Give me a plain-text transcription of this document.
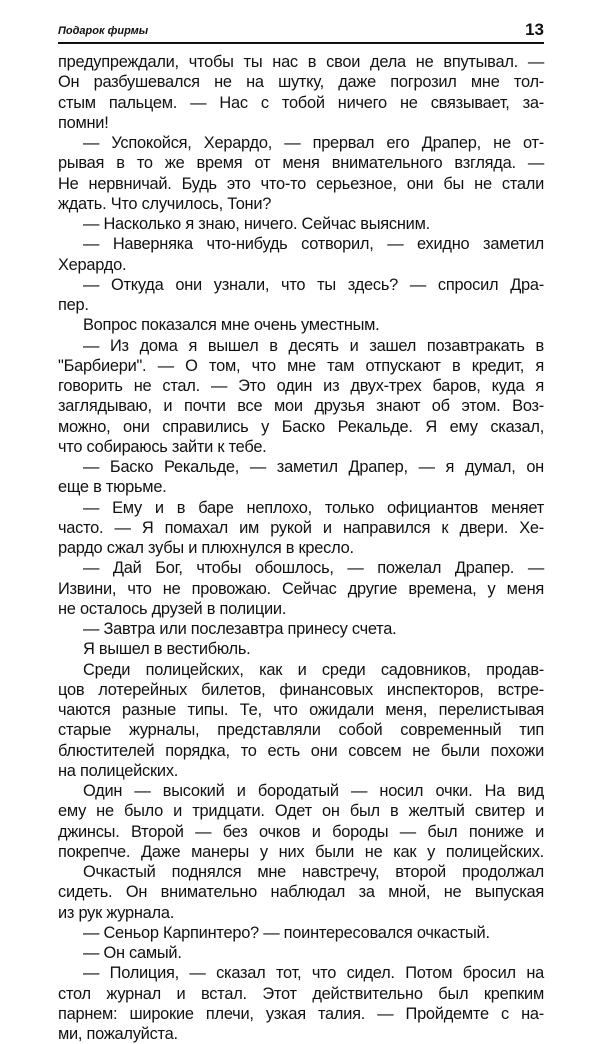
Подарок фирмы	13
предупреждали, чтобы ты нас в свои дела не впутывал. —
Он разбушевался не на шутку, даже погрозил мне тол-
стым пальцем. — Нас с тобой ничего не связывает, за-
помни!
— Успокойся, Херардо, — прервал его Драпер, не от-
рывая в то же время от меня внимательного взгляда. —
Не нервничай. Будь это что-то серьезное, они бы не стали
ждать. Что случилось, Тони?
— Насколько я знаю, ничего. Сейчас выясним.
— Наверняка что-нибудь сотворил, — ехидно заметил
Херардо.
— Откуда они узнали, что ты здесь? — спросил Дра-
пер.
Вопрос показался мне очень уместным.
— Из дома я вышел в десять и зашел позавтракать в
"Барбиери". — О том, что мне там отпускают в кредит, я
говорить не стал. — Это один из двух-трех баров, куда я
заглядываю, и почти все мои друзья знают об этом. Воз-
можно, они справились у Баско Рекальде. Я ему сказал,
что собираюсь зайти к тебе.
— Баско Рекальде, — заметил Драпер, — я думал, он
еще в тюрьме.
— Ему и в баре неплохо, только официантов меняет
часто. — Я помахал им рукой и направился к двери. Хе-
рардо сжал зубы и плюхнулся в кресло.
— Дай Бог, чтобы обошлось, — пожелал Драпер. —
Извини, что не провожаю. Сейчас другие времена, у меня
не осталось друзей в полиции.
— Завтра или послезавтра принесу счета.
Я вышел в вестибюль.
Среди полицейских, как и среди садовников, продав-
цов лотерейных билетов, финансовых инспекторов, встре-
чаются разные типы. Те, что ожидали меня, перелистывая
старые журналы, представляли собой современный тип
блюстителей порядка, то есть они совсем не были похожи
на полицейских.
Один — высокий и бородатый — носил очки. На вид
ему не было и тридцати. Одет он был в желтый свитер и
джинсы. Второй — без очков и бороды — был пониже и
покрепче. Даже манеры у них были не как у полицейских.
Очкастый поднялся мне навстречу, второй продолжал
сидеть. Он внимательно наблюдал за мной, не выпуская
из рук журнала.
— Сеньор Карпинтеро? — поинтересовался очкастый.
— Он самый.
— Полиция, — сказал тот, что сидел. Потом бросил на
стол журнал и встал. Этот действительно был крепким
парнем: широкие плечи, узкая талия. — Пройдемте с на-
ми, пожалуйста.
